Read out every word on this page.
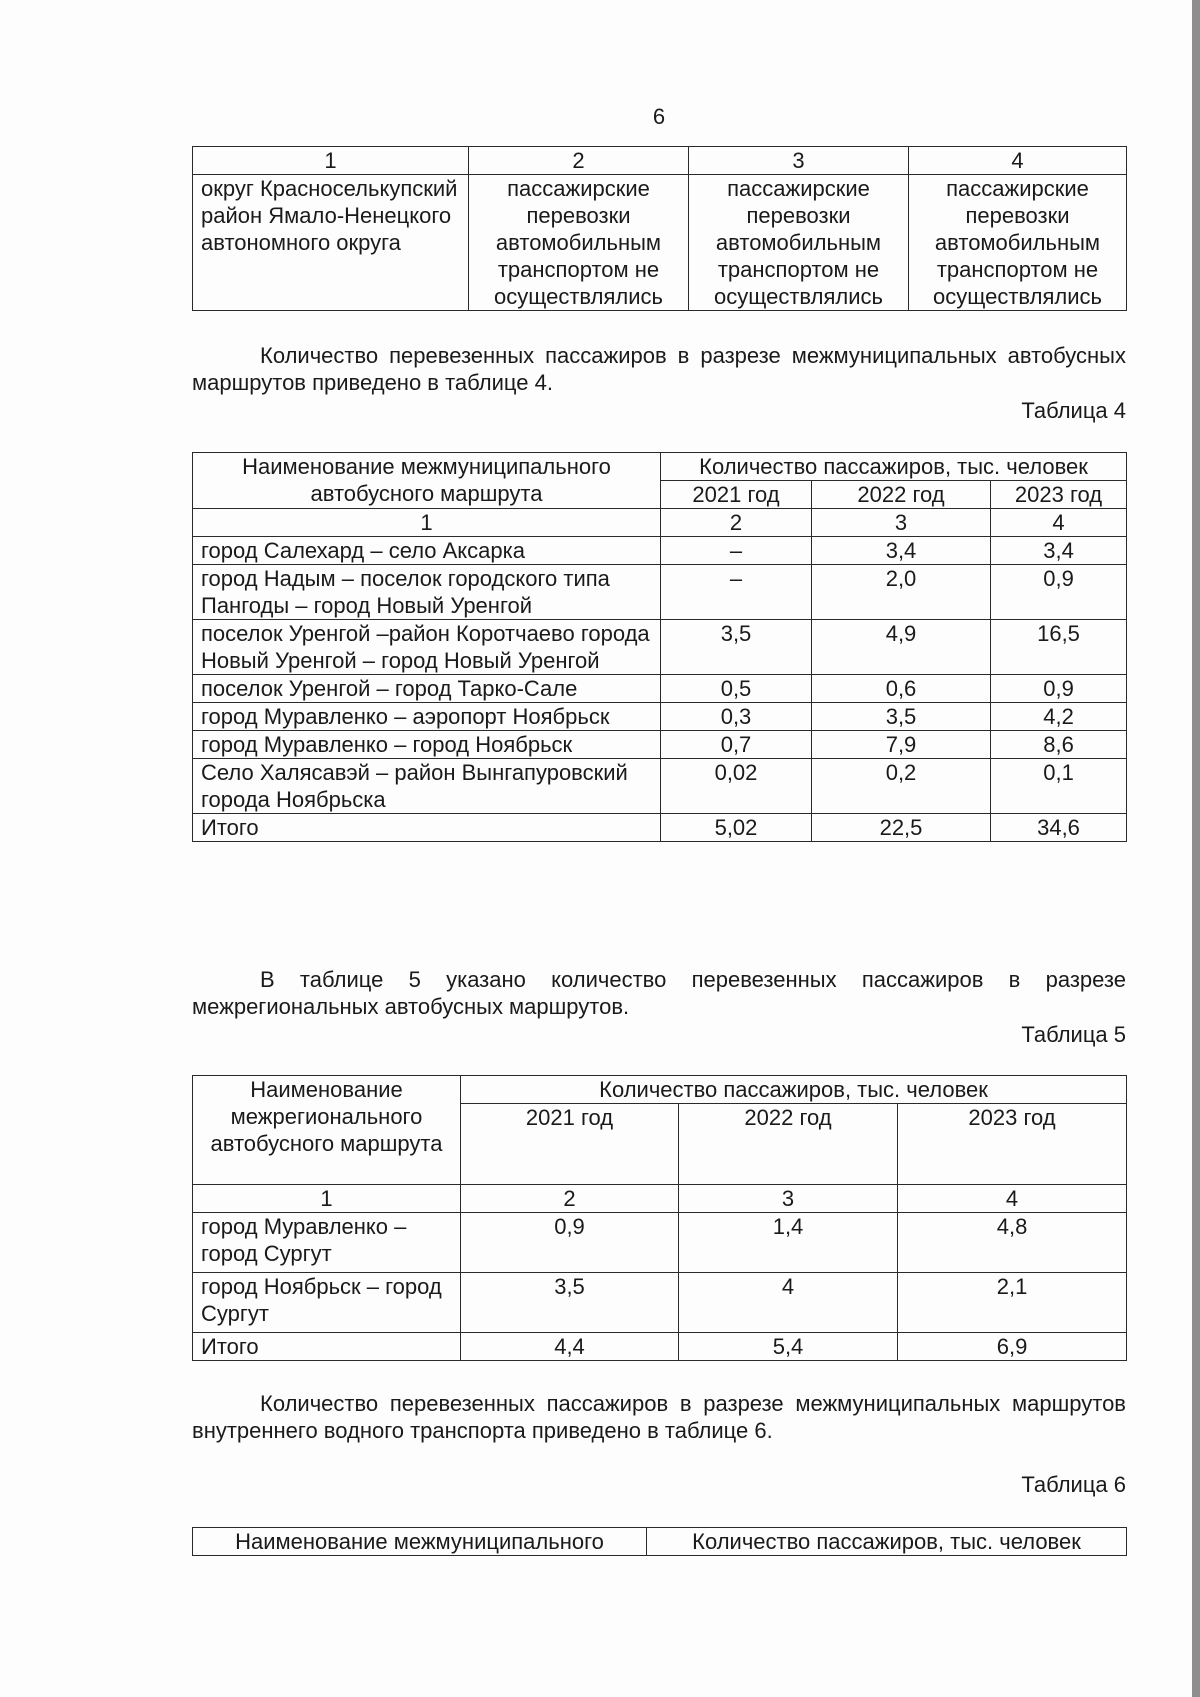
6
1	2	3	4
округ Красноселькупский район Ямало-Ненецкого автономного округа	пассажирские перевозки автомобильным транспортом не осуществлялись	пассажирские перевозки автомобильным транспортом не осуществлялись	пассажирские перевозки автомобильным транспортом не осуществлялись
Количество перевезенных пассажиров в разрезе межмуниципальных автобусных маршрутов приведено в таблице 4.
Таблица 4
Наименование межмуниципального автобусного маршрута	Количество пассажиров, тыс. человек		
	2021 год	2022 год	2023 год
1	2	3	4
город Салехард – село Аксарка	–	3,4	3,4
город Надым – поселок городского типа Пангоды – город Новый Уренгой	–	2,0	0,9
поселок Уренгой –район Коротчаево города Новый Уренгой – город Новый Уренгой	3,5	4,9	16,5
поселок Уренгой – город Тарко-Сале	0,5	0,6	0,9
город Муравленко – аэропорт Ноябрьск	0,3	3,5	4,2
город Муравленко – город Ноябрьск	0,7	7,9	8,6
Село Халясавэй – район Вынгапуровский города Ноябрьска	0,02	0,2	0,1
Итого	5,02	22,5	34,6
В таблице 5 указано количество перевезенных пассажиров в разрезе межрегиональных автобусных маршрутов.
Таблица 5
Наименование межрегионального автобусного маршрута	Количество пассажиров, тыс. человек		
	2021 год	2022 год	2023 год
1	2	3	4
город Муравленко – город Сургут	0,9	1,4	4,8
город Ноябрьск – город Сургут	3,5	4	2,1
Итого	4,4	5,4	6,9
Количество перевезенных пассажиров в разрезе межмуниципальных маршрутов внутреннего водного транспорта приведено в таблице 6.
Таблица 6
Наименование межмуниципального	Количество пассажиров, тыс. человек
